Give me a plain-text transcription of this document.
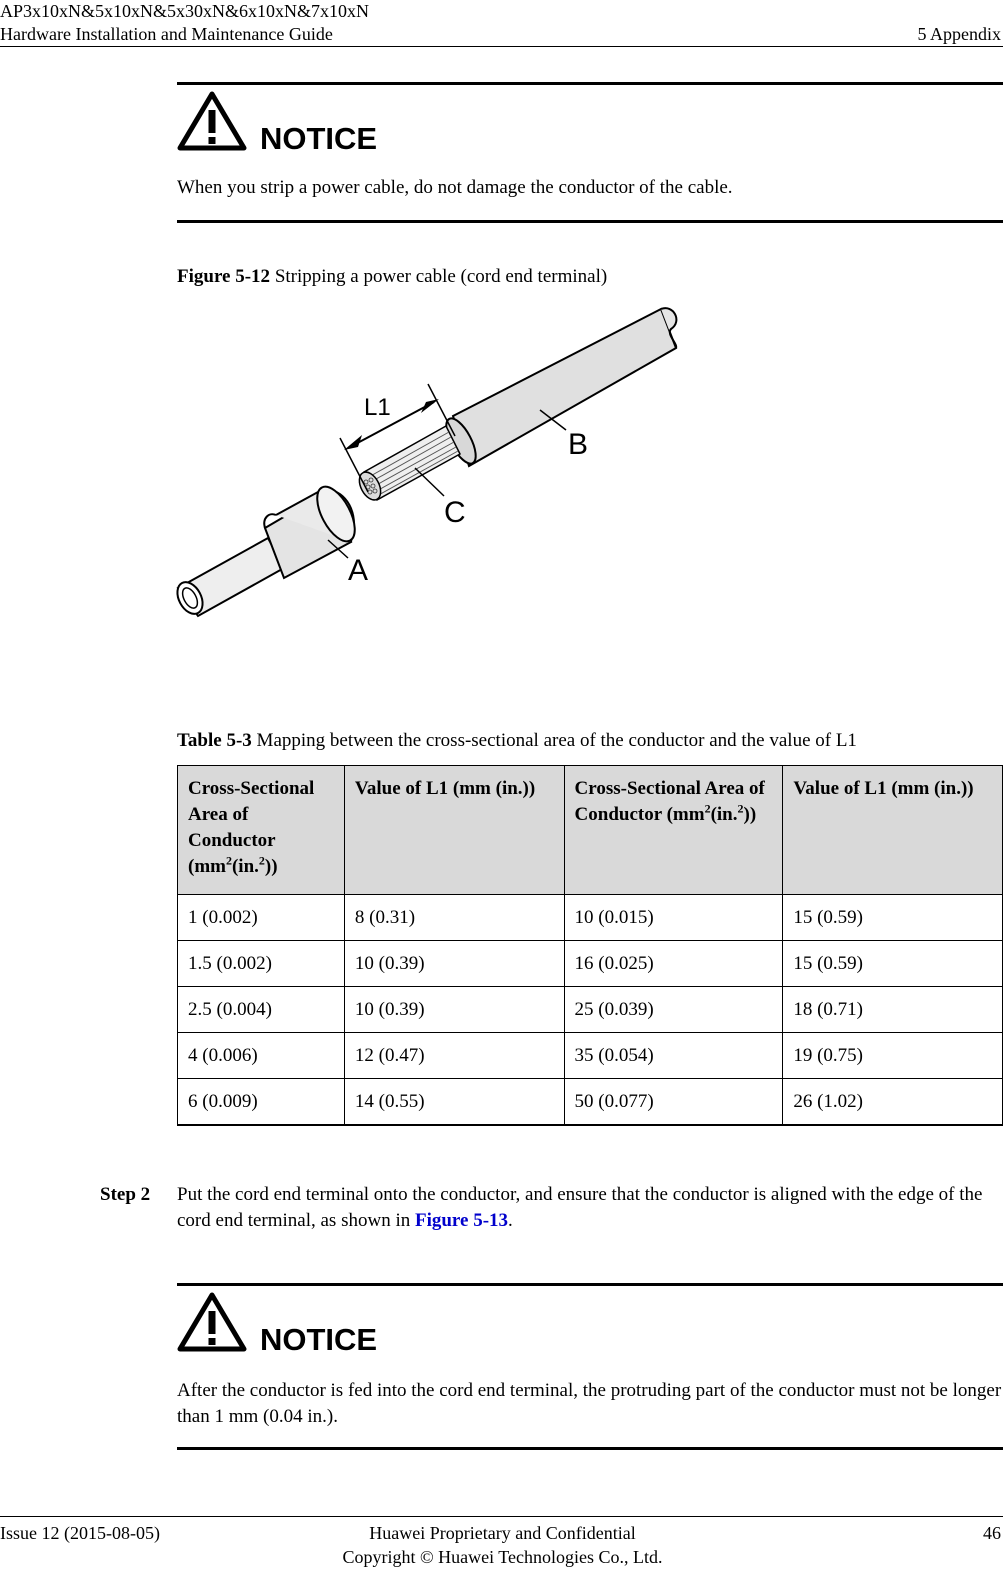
AP3x10xN&5x10xN&5x30xN&6x10xN&7x10xN
Hardware Installation and Maintenance Guide	5 Appendix
NOTICE
When you strip a power cable, do not damage the conductor of the cable.
Figure 5-12 Stripping a power cable (cord end terminal)
L1
B
C
A
Table 5-3 Mapping between the cross-sectional area of the conductor and the value of L1
Cross-Sectional Area of Conductor $(mm^2(in.^2))$	Value of L1 (mm (in.))	Cross-Sectional Area of Conductor $(mm^2(in.^2))$	Value of L1 (mm (in.))
1 (0.002)	8 (0.31)	10 (0.015)	15 (0.59)
1.5 (0.002)	10 (0.39)	16 (0.025)	15 (0.59)
2.5 (0.004)	10 (0.39)	25 (0.039)	18 (0.71)
4 (0.006)	12 (0.47)	35 (0.054)	19 (0.75)
6 (0.009)	14 (0.55)	50 (0.077)	26 (1.02)
Step 2 Put the cord end terminal onto the conductor, and ensure that the conductor is aligned with the edge of the cord end terminal, as shown in Figure 5-13.
NOTICE
After the conductor is fed into the cord end terminal, the protruding part of the conductor must not be longer than 1 mm (0.04 in.).
Issue 12 (2015-08-05)	Huawei Proprietary and Confidential
Copyright © Huawei Technologies Co., Ltd.
46
